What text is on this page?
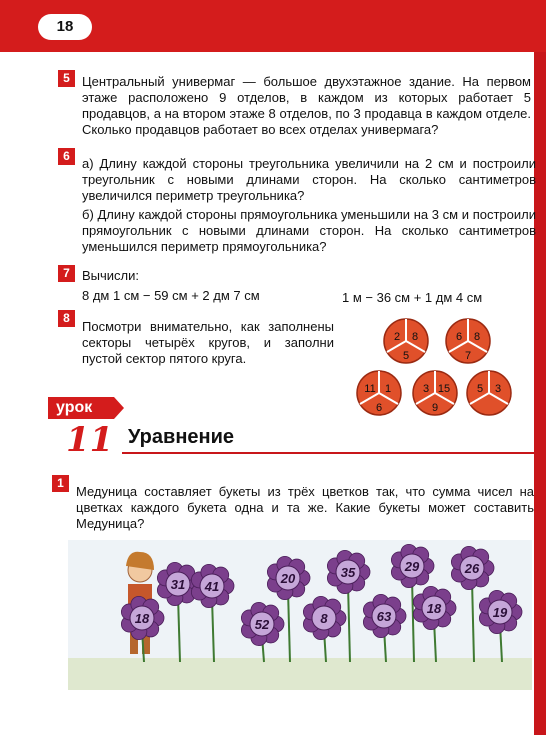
18
5 Центральный универмаг — большое двухэтажное здание. На первом этаже расположено 9 отделов, в каждом из которых работает 5 продавцов, а на втором этаже 8 отделов, по 3 продавца в каждом отделе. Сколько продавцов работает во всех отделах универмага?

6 а) Длину каждой стороны треугольника увеличили на 2 см и построили треугольник с новыми длинами сторон. На сколько сантиметров увеличился периметр треугольника?

б) Длину каждой стороны прямоугольника уменьшили на 3 см и построили прямоугольник с новыми длинами сторон. На сколько сантиметров уменьшился периметр прямоугольника?

7 Вычисли:

8 дм 1 см − 59 см + 2 дм 7 см	1 м − 36 см + 1 дм 4 см

8

Посмотри внимательно, как заполнены секторы четырёх кругов, и заполни пустой сектор пятого круга.

2 8
5
6 8
7
11 1
6
3 15
9
5 3
урок
11 Уравнение
1

Медуница составляет букеты из трёх цветков так, что сумма чисел на цветках каждого букета одна и та же. Какие букеты может составить Медуница?

31 41
18	52
20
8
35
63
29
18
26
19
